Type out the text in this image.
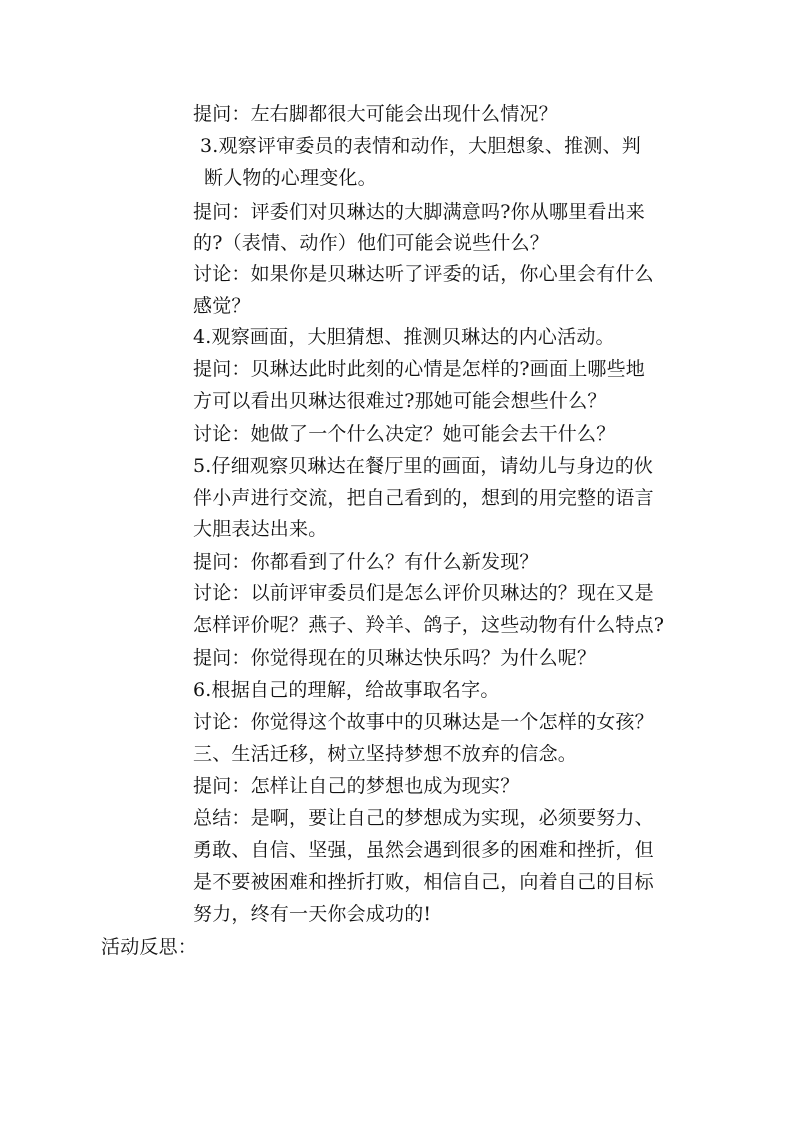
提问：左右脚都很大可能会出现什么情况？
3.观察评审委员的表情和动作，大胆想象、推测、判
断人物的心理变化。
提问：评委们对贝琳达的大脚满意吗?你从哪里看出来
的?（表情、动作）他们可能会说些什么？
讨论：如果你是贝琳达听了评委的话，你心里会有什么
感觉？
4.观察画面，大胆猜想、推测贝琳达的内心活动。
提问：贝琳达此时此刻的心情是怎样的?画面上哪些地
方可以看出贝琳达很难过?那她可能会想些什么？
讨论：她做了一个什么决定？她可能会去干什么？
5.仔细观察贝琳达在餐厅里的画面，请幼儿与身边的伙
伴小声进行交流，把自己看到的，想到的用完整的语言
大胆表达出来。
提问：你都看到了什么？有什么新发现？
讨论：以前评审委员们是怎么评价贝琳达的？现在又是
怎样评价呢？燕子、羚羊、鸽子，这些动物有什么特点?
提问：你觉得现在的贝琳达快乐吗？为什么呢？
6.根据自己的理解，给故事取名字。
讨论：你觉得这个故事中的贝琳达是一个怎样的女孩？
三、生活迁移，树立坚持梦想不放弃的信念。
提问：怎样让自己的梦想也成为现实？
总结：是啊，要让自己的梦想成为实现，必须要努力、
勇敢、自信、坚强，虽然会遇到很多的困难和挫折，但
是不要被困难和挫折打败，相信自己，向着自己的目标
努力，终有一天你会成功的!
活动反思：
